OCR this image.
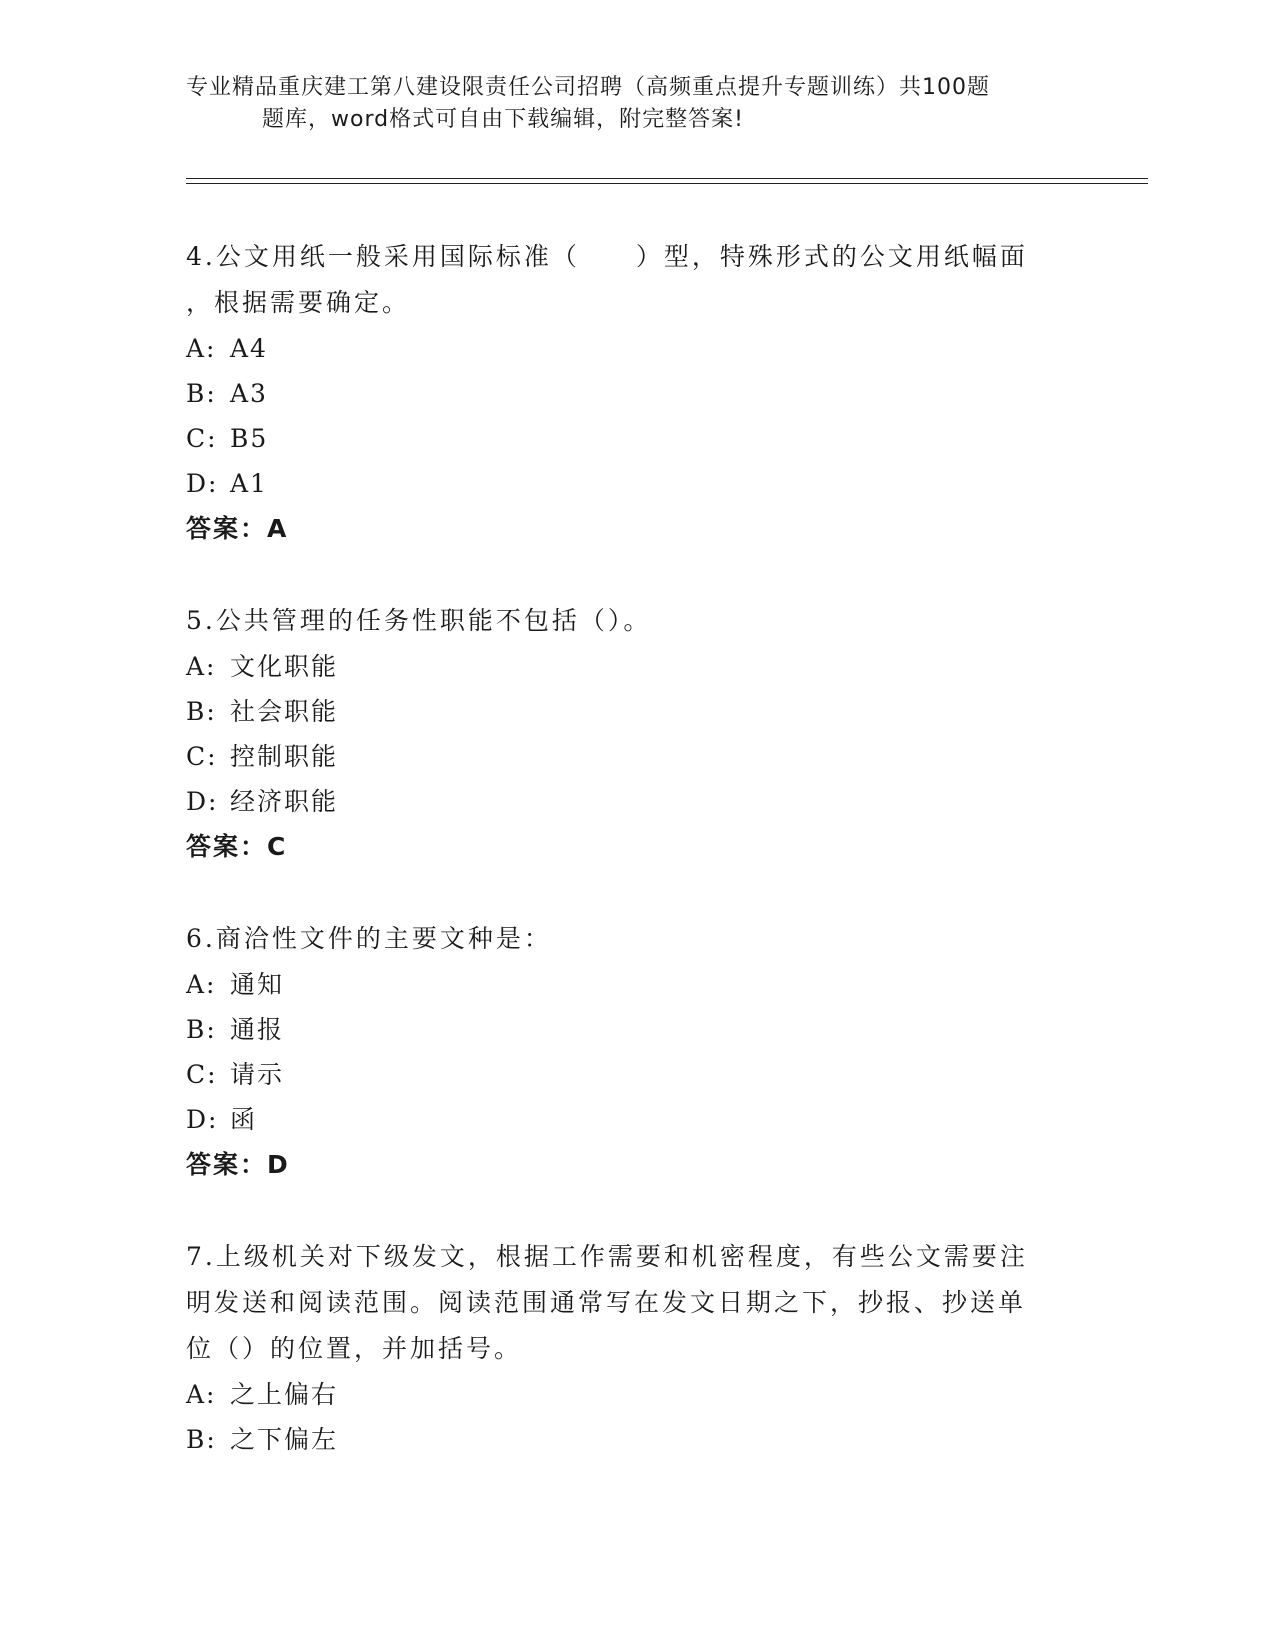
专业精品重庆建工第八建设限责任公司招聘（高频重点提升专题训练）共100题
题库，word格式可自由下载编辑，附完整答案!

4.公文用纸一般采用国际标准（　　）型，特殊形式的公文用纸幅面

，根据需要确定。

A: A4

B: A3

C: B5

D: A1

答案：A

5.公共管理的任务性职能不包括（）。

A: 文化职能

B: 社会职能

C: 控制职能

D: 经济职能

答案：C

6.商洽性文件的主要文种是：

A: 通知

B: 通报

C: 请示

D: 函

答案：D

7.上级机关对下级发文，根据工作需要和机密程度，有些公文需要注

明发送和阅读范围。阅读范围通常写在发文日期之下，抄报、抄送单

位（）的位置，并加括号。

A: 之上偏右

B: 之下偏左
